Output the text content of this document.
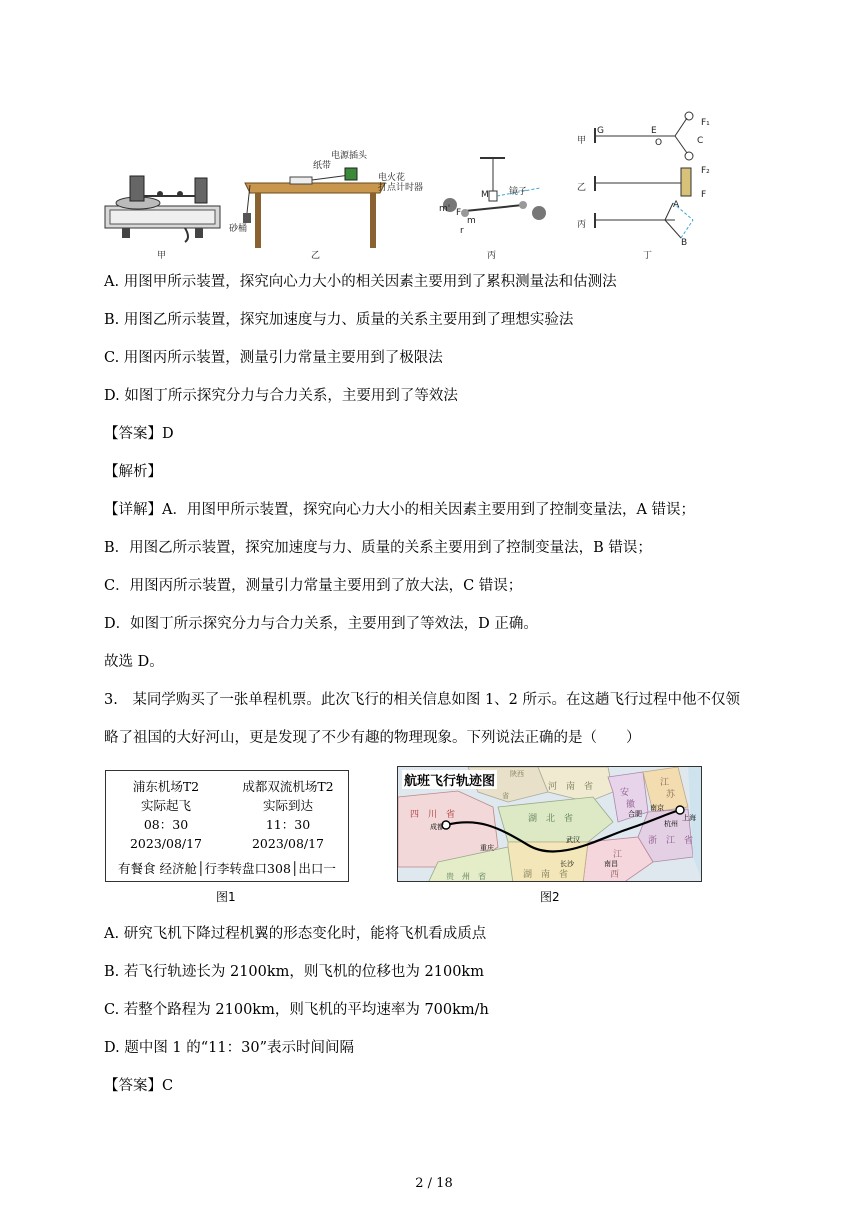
甲
纸带
电源插头
电火花
打点计时器
砂桶
乙
镜子
M
m'
m
F
r
丙
甲
乙
丙
G	E
O	C
F₁
F₂
F
A
B
丁
A. 用图甲所示装置，探究向心力大小的相关因素主要用到了累积测量法和估测法
B. 用图乙所示装置，探究加速度与力、质量的关系主要用到了理想实验法
C. 用图丙所示装置，测量引力常量主要用到了极限法
D. 如图丁所示探究分力与合力关系，主要用到了等效法
【答案】D
【解析】
【详解】A．用图甲所示装置，探究向心力大小的相关因素主要用到了控制变量法，A 错误；
B．用图乙所示装置，探究加速度与力、质量的关系主要用到了控制变量法，B 错误；
C．用图丙所示装置，测量引力常量主要用到了放大法，C 错误；
D．如图丁所示探究分力与合力关系，主要用到了等效法，D 正确。
故选 D。
3.　某同学购买了一张单程机票。此次飞行的相关信息如图 1、2 所示。在这趟飞行过程中他不仅领
略了祖国的大好河山，更是发现了不少有趣的物理现象。下列说法正确的是（　　）
浦东机场T2
实际起飞
08：30
2023/08/17
成都双流机场T2
实际到达
11：30
2023/08/17
有餐食 经济舱│行李转盘口308│出口一
图1
航班飞行轨迹图
四　川　省	湖　北　省
河　南　省
安
徽
江
苏
浙　江　省
湖　南　省
江
西
贵　州　省
陕西
省
成都
重庆
武汉
合肥
南京
上海
杭州
长沙	南昌
图2
A. 研究飞机下降过程机翼的形态变化时，能将飞机看成质点
B. 若飞行轨迹长为 2100km，则飞机的位移也为 2100km
C. 若整个路程为 2100km，则飞机的平均速率为 700km/h
D. 题中图 1 的“11：30”表示时间间隔
【答案】C
2 / 18
